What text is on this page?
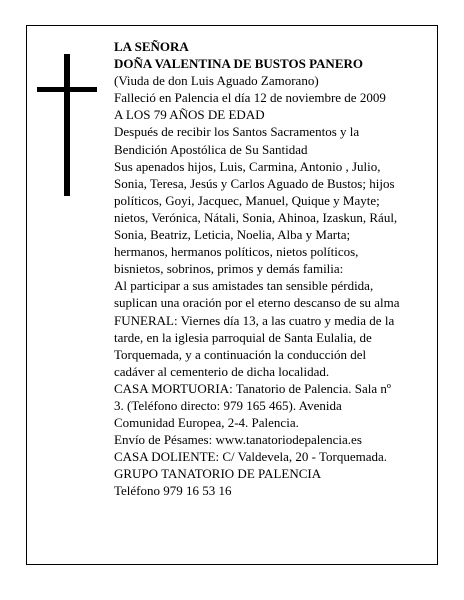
LA SEÑORA

DOÑA VALENTINA DE BUSTOS PANERO

(Viuda de don Luis Aguado Zamorano)

Falleció en Palencia el día 12 de noviembre de 2009

A LOS 79 AÑOS DE EDAD

Después de recibir los Santos Sacramentos y la

Bendición Apostólica de Su Santidad

Sus apenados hijos, Luis, Carmina, Antonio , Julio,

Sonia, Teresa, Jesús y Carlos Aguado de Bustos; hijos

políticos, Goyi, Jacquec, Manuel, Quique y Mayte;

nietos, Verónica, Nátali, Sonia, Ahinoa, Izaskun, Rául,

Sonia, Beatriz, Leticia, Noelia, Alba y Marta;

hermanos, hermanos políticos, nietos políticos,

bisnietos, sobrinos, primos y demás familia:

Al participar a sus amistades tan sensible pérdida,

suplican una oración por el eterno descanso de su alma

FUNERAL: Viernes día 13, a las cuatro y media de la

tarde, en la iglesia parroquial de Santa Eulalia, de

Torquemada, y a continuación la conducción del

cadáver al cementerio de dicha localidad.

CASA MORTUORIA: Tanatorio de Palencia. Sala nº

3. (Teléfono directo: 979 165 465). Avenida

Comunidad Europea, 2-4. Palencia.

Envío de Pésames: www.tanatoriodepalencia.es

CASA DOLIENTE: C/ Valdevela, 20 - Torquemada.

GRUPO TANATORIO DE PALENCIA

Teléfono 979 16 53 16
